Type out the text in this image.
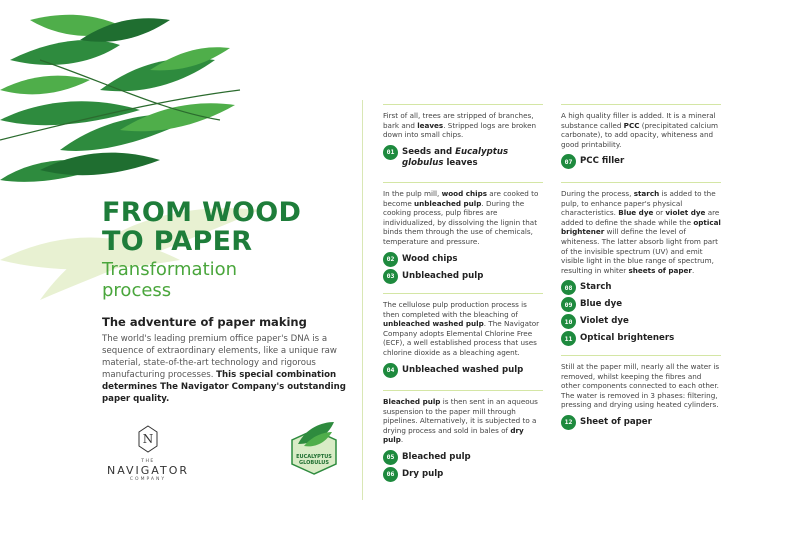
FROM WOOD
TO PAPER
Transformation
process
The adventure of paper making

The world's leading premium office paper's DNA is a sequence of extraordinary elements, like a unique raw material, state-of-the-art technology and rigorous manufacturing processes. This special combination determines The Navigator Company's outstanding paper quality.

N
THE
NAVIGATOR
COMPANY
EUCALYPTUS
GLOBULUS

First of all, trees are stripped of branches, bark and leaves. Stripped logs are broken down into small chips.

01 Seeds and Eucalyptus globulus leaves

In the pulp mill, wood chips are cooked to become unbleached pulp. During the cooking process, pulp fibres are individualized, by dissolving the lignin that binds them through the use of chemicals, temperature and pressure.

02 Wood chips
03 Unbleached pulp

The cellulose pulp production process is then completed with the bleaching of unbleached washed pulp. The Navigator Company adopts Elemental Chlorine Free (ECF), a well established process that uses chlorine dioxide as a bleaching agent.

04 Unbleached washed pulp

Bleached pulp is then sent in an aqueous suspension to the paper mill through pipelines. Alternatively, it is subjected to a drying process and sold in bales of dry pulp.

05 Bleached pulp
06 Dry pulp

A high quality filler is added. It is a mineral substance called PCC (precipitated calcium carbonate), to add opacity, whiteness and good printability.

07 PCC filler

During the process, starch is added to the pulp, to enhance paper's physical characteristics. Blue dye or violet dye are added to define the shade while the optical brightener will define the level of whiteness. The latter absorb light from part of the invisible spectrum (UV) and emit visible light in the blue range of spectrum, resulting in whiter sheets of paper.

08 Starch
09 Blue dye
10 Violet dye
11 Optical brighteners

Still at the paper mill, nearly all the water is removed, whilst keeping the fibres and other components connected to each other. The water is removed in 3 phases: filtering, pressing and drying using heated cylinders.

12 Sheet of paper
